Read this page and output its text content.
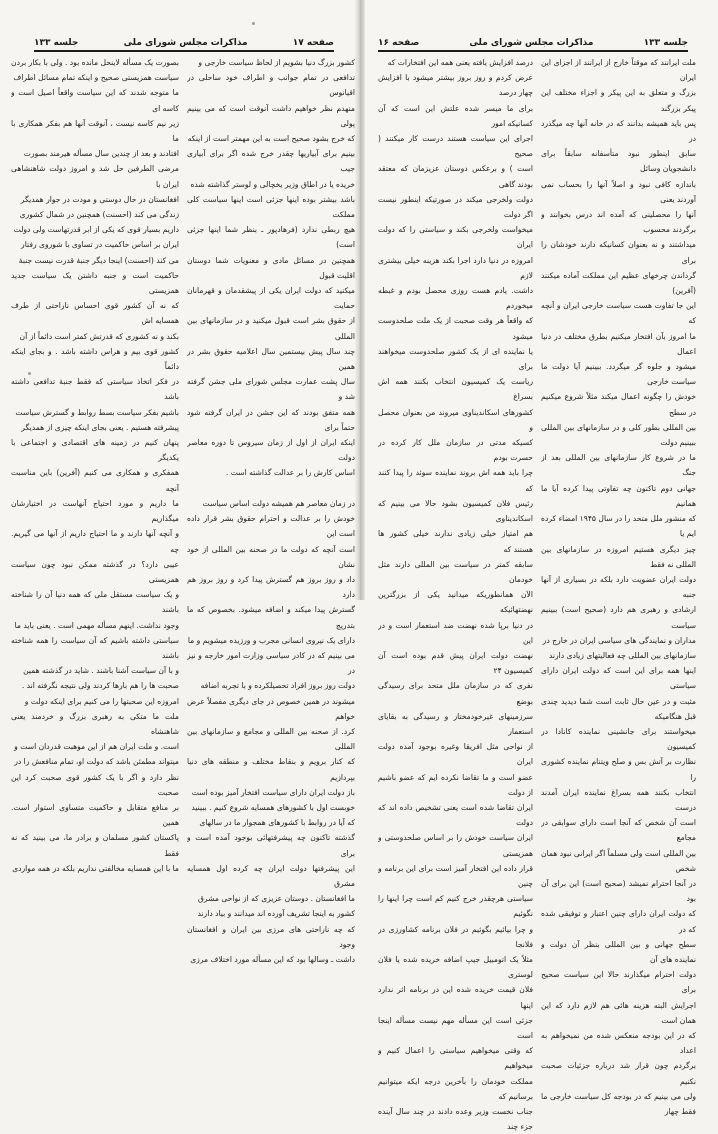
صفحه ۱۷
مذاکرات مجلس شورای ملی
جلسه ۱۳۳

کشور بزرگ دنیا بشویم از لحاظ سیاست خارجی و

تدافعی در تمام جوانب و اطراف خود ساحلی در اقیانوس

منهدم نظر خواهیم داشت آنوقت است که می بینیم پولی

که خرج بشود صحیح است به این مهمتر است از اینکه

بینیم برای آبیاریها چقدر خرج شده اگر برای آبیاری جیب

خریده یا در اطاق وزیر یخچالی و لوستر گذاشته شده

باشد بیشتر بوده اینها جزئی است اینها سیاست کلی مملکت

هیچ ربطی ندارد (فرهادپور ـ بنظر شما اینها جزئی است)

همچنین در مسائل مادی و معنویات شما دوستان اقلیت قبول

میکنید که دولت ایران یکی از پیشقدمان و قهرمانان حمایت

از حقوق بشر است قبول میکنید و در سازمانهای بین المللی

چند سال پیش بیستمین سال اعلامیه حقوق بشر در همین

سال پشت عمارت مجلس شورای ملی جشن گرفته شد و

همه متفق بودند که این جشن در ایران گرفته شود حتماً برای

اینکه ایران از اول از زمان سیروس تا دوره معاصر دولت

اساس کارش را بر عدالت گذاشته است .

در زمان معاصر هم همیشه دولت اساس سیاست

خودش را بر عدالت و احترام حقوق بشر قرار داده است این

است آنچه که دولت ما در صحنه بین المللی از خود نشان

داد و روز بروز هم گسترش پیدا کرد و روز بروز هم دارد

گسترش پیدا میکند و اضافه میشود. بخصوص که ما بتدریج

دارای یک نیروی انسانی مجرب و ورزیده میشویم و ما

می بینیم که در کادر سیاسی وزارت امور خارجه و نیز در

دولت روز بروز افراد تحصیلکرده و با تجربه اضافه

میشوند در همین خصوص در جای دیگری مفصلاً عرض خواهم

کرد. از صحنه بین المللی و مجامع و سازمانهای بین المللی

که کنار برویم و بنقاط مختلف و منطقه های دنیا بپردازیم

باز دولت ایران دارای سیاست افتخار آمیز بوده است

خوبست اول با کشورهای همسایه شروع کنیم . ببینید

که آیا در روابط با کشورهای همجوار ما در سالهای

گذشته تاکنون چه پیشرفتهائی بوجود آمده است و برای

این پیشرفتها دولت ایران چه کرده اول همسایه مشرق

ما افغانستان . دوستان عزیزی که از نواحی مشرق

کشور به اینجا تشریف آورده اند میدانند و بیاد دارند

که چه ناراحتی های مرزی بین ایران و افغانستان وجود

داشت ـ وسالها بود که این مسأله مورد اختلاف مرزی

بصورت یک مسأله لاینحل مانده بود . ولی با بکار بردن

سیاست همزیستی صحیح و اینکه تمام مسائل اطراف

ما متوجه شدند که این سیاست واقعاً اصیل است و کاسه ای

زیر نیم کاسه نیست ، آنوقت آنها هم بفکر همکاری با ما

افتادند و بعد از چندین سال مسأله هیرمند بصورت

مرضی الطرفین حل شد و امروز دولت شاهنشاهی ایران با

افغانستان در حال دوستی و مودت در جوار همدیگر

زندگی می کند (احسنت) همچنین در شمال کشوری

داریم بسیار قوی که یکی از ابر قدرتهاست ولی دولت

ایران بر اساس حاکمیت در تساوی با شوروی رفتار

می کند (احسنت) اینجا دیگر جنبهٔ قدرت نیست جنبهٔ

حاکمیت است و جنبه داشتن یک سیاست جدید همزیستی

که نه آن کشور قوی احساس ناراحتی از طرف همسایه اش

بکند و نه کشوری که قدرتش کمتر است دائماً از آن

کشور قوی بیم و هراس داشته باشد . و بجای اینکه دائماً

در فکر اتخاذ سیاستی که فقط جنبهٔ تدافعی داشته باشد

باشیم بفکر سیاست بسط روابط و گسترش سیاست

پیشرفته هستیم . یعنی بجای اینکه چیزی از همدیگر

پنهان کنیم در زمینه های اقتصادی و اجتماعی با یکدیگر

همفکری و همکاری می کنیم (آفرین) باین مناسبت آنچه

ما داریم و مورد احتیاج آنهاست در اختیارشان میگذاریم

و آنچه آنها دارند و ما احتیاج داریم از آنها می گیریم. چه

عیبی دارد؟ در گذشته ممکن نبود چون سیاست همزیستی

و یک سیاست مستقل ملی که همه دنیا آن را شناخته باشند

وجود نداشت. اینهم مسأله مهمی است . یعنی باید ما

سیاستی داشته باشیم که آن سیاست را همه شناخته باشند

و با آن سیاست آشنا باشند . شاید در گذشته همین

صحبت ها را هم بارها کردند ولی نتیجه نگرفته اند .

امروزه این صحبتها را می کنیم برای اینکه دولت و

ملت ما متکی به رهبری بزرگ و خردمند یعنی شاهنشاه

است. و ملت ایران هم از این موهبت قدردان است و

میتواند مطمئن باشد که دولت او، تمام منافعش را در

نظر دارد و اگر با یک کشور قوی صحبت کرد این صحبت

بر منافع متقابل و حاکمیت متساوی استوار است. همین

پاکستان کشور مسلمان و برادر ما، می بینید که نه فقط

ما با این همسایه مخالفتی نداریم بلکه در همه مواردی

جلسه ۱۳۳
مذاکرات مجلس شورای ملی
صفحه ۱۶

ملت ایرانند که موقتاً خارج از ایرانند از اجزای این ایران

بزرگ و متعلق به این پیکر و اجزاء مختلف این پیکر بزرگند

پس باید همیشه بدانند که در خانه آنها چه میگذرد در

سابق اینطور نبود متأسفانه سابقاً برای دانشجویان وسائل

باندازه کافی نبود و اصلاً آنها را بحساب نمی آوردند یعنی

آنها را محصلینی که آمده اند درس بخوانند و برگردند محسوب

میداشتند و نه بعنوان کسانیکه دارند خودشان را برای

گرداندن چرخهای عظیم این مملکت آماده میکنند (آفرین)

این جا تفاوت هست سیاست خارجی ایران و آنچه که

ما امروز بآن افتخار میکنیم بطرق مختلف در دنیا اعمال

میشود و جلوه گر میگردد. ببینیم آیا دولت ما سیاست خارجی

خودش را چگونه اعمال میکند مثلاً شروع میکنیم در سطح

بین المللی بطور کلی و در سازمانهای بین المللی ببینیم دولت

ما در شروع کار سازمانهای بین المللی بعد از جنگ

جهانی دوم تاکنون چه تفاوتی پیدا کرده آیا ما همانیم

که منشور ملل متحد را در سال ۱۹۴۵ امضاء کرده ایم یا

چیز دیگری هستیم امروزه در سازمانهای بین المللی نه فقط

دولت ایران عضویت دارد بلکه در بسیاری از آنها جنبه

ارشادی و رهبری هم دارد (صحیح است) ببینیم سیاست

مداران و نمایندگی های سیاسی ایران در خارج در

سازمانهای بین المللی چه فعالیتهای زیادی دارند

اینها همه برای این است که دولت ایران دارای سیاستی

مثبت و در عین حال ثابت است شما دیدید چندی قبل هنگامیکه

میخواستند برای جانشینی نماینده کانادا در کمیسیون

نظارت بر آتش بس و صلح ویتنام نماینده کشوری را

انتخاب بکنند همه بسراغ نماینده ایران آمدند درست

است آن شخص که آنجا است دارای سوابقی در مجامع

بین المللی است ولی مسلماً اگر ایرانی نبود همان شخص

در آنجا احترام نمیشد (صحیح است) این برای آن بود

که دولت ایران دارای چنین اعتبار و توفیقی شده که در

سطح جهانی و بین المللی بنظر آن دولت و نماینده های آن

دولت احترام میگذارند حالا این سیاست صحیح برای

اجرایش البته هزینه هائی هم لازم دارد که این همان است

که در این بودجه منعکس شده من نمیخواهم به اعداد

برگردم چون قرار شد درباره جزئیات صحبت نکنیم

ولی می بینیم که در بودجه کل سیاست خارجی ما فقط چهار

درصد افزایش یافته یعنی همه این افتخارات که

عرض کردم و روز بروز بیشتر میشود با افزایش چهار درصد

برای ما میسر شده علتش این است که آن کسانیکه امور

اجرای این سیاست هستند درست کار میکنند ( صحیح

است ) و برعکس دوستان عزیزمان که معتقد بودند گاهی

دولت ولخرجی میکند در صورتیکه اینطور نیست اگر دولت

میخواست ولخرجی بکند و سیاستی را که دولت ایران

امروزه در دنیا دارد اجرا بکند هزینه خیلی بیشتری لازم

داشت. یادم هست روزی محصل بودم و غبطه میخوردم

که واقعاً هر وقت صحبت از یک ملت صلحدوست میشود

یا نماینده ای از یک کشور صلحدوست میخواهند برای

ریاست یک کمیسیون انتخاب بکنند همه اش بسراغ

کشورهای اسکاندیناوی میروند من بعنوان محصل و

کسیکه مدتی در سازمان ملل کار کرده در حسرت بودم

چرا باید همه اش بروند نماینده سوئد را پیدا کنند که

رئیس فلان کمیسیون بشود حالا می بینیم که اسکاندیناوی

هم امتیاز خیلی زیادی ندارند خیلی کشور ها هستند که

سابقه کمتر در سیاست بین المللی دارند مثل خودمان

الآن همانطوریکه میدانید یکی از بزرگترین نهضتهائیکه

در دنیا برپا شده نهضت ضد استعمار است و در این

نهضت دولت ایران پیش قدم بوده است آن کمیسیون ۲۴

نفری که در سازمان ملل متحد برای رسیدگی بوضع

سرزمینهای غیرخودمختار و رسیدگی به بقایای استعمار

از نواحی مثل افریقا وغیره بوجود آمده دولت ایران

عضو است و ما تقاضا نکرده ایم که عضو باشیم از دولت

ایران تقاضا شده است یعنی تشخیص داده اند که دولت

ایران سیاست خودش را بر اساس صلحدوستی و همزیستی

قرار داده این افتخار آمیز است برای این برنامه و چنین

سیاستی هرچقدر خرج کنیم کم است چرا اینها را نگوئیم

و چرا بیائیم بگوئیم در فلان برنامه کشاورزی در فلانجا

مثلاً یک اتومبیل جیپ اضافه خریده شده یا فلان لوستری

فلان قیمت خریده شده این در برنامه اثر ندارد اینها

جزئی است این مسأله مهم نیست مسأله اینجا است

که وقتی میخواهیم سیاستی را اعمال کنیم و میخواهیم

مملکت خودمان را بآخرین درجه ایکه میتوانیم برسانیم که

جناب نخست وزیر وعده دادند در چند سال آینده جزء چند
